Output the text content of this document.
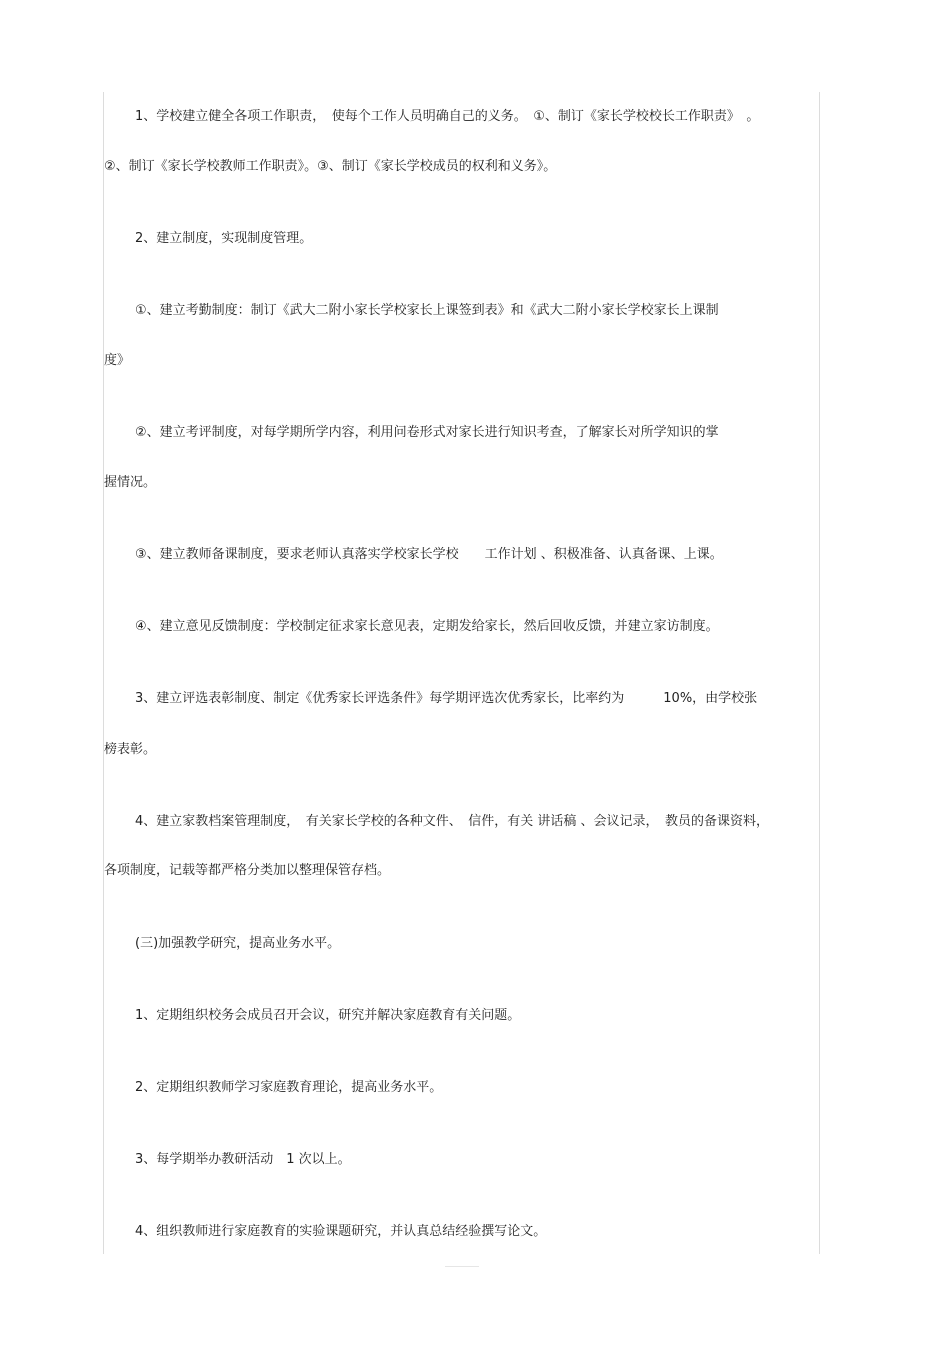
1、学校建立健全各项工作职责，　使每个工作人员明确自己的义务。　①、制订《家长学校校长工作职责》　。
②、制订《家长学校教师工作职责》。③、制订《家长学校成员的权利和义务》。
2、建立制度，实现制度管理。
①、建立考勤制度：制订《武大二附小家长学校家长上课签到表》和《武大二附小家长学校家长上课制
度》
②、建立考评制度，对每学期所学内容，利用问卷形式对家长进行知识考查，了解家长对所学知识的掌
握情况。
③、建立教师备课制度，要求老师认真落实学校家长学校　　工作计划 、积极准备、认真备课、上课。
④、建立意见反馈制度：学校制定征求家长意见表，定期发给家长，然后回收反馈，并建立家访制度。
3、建立评选表彰制度、制定《优秀家长评选条件》每学期评选次优秀家长，比率约为　　　10%，由学校张
榜表彰。
4、建立家教档案管理制度，　有关家长学校的各种文件、　信件，有关 讲话稿 、会议记录，　教员的备课资料，
各项制度，记载等都严格分类加以整理保管存档。
(三)加强教学研究，提高业务水平。
1、定期组织校务会成员召开会议，研究并解决家庭教育有关问题。
2、定期组织教师学习家庭教育理论，提高业务水平。
3、每学期举办教研活动　1 次以上。
4、组织教师进行家庭教育的实验课题研究，并认真总结经验撰写论文。
